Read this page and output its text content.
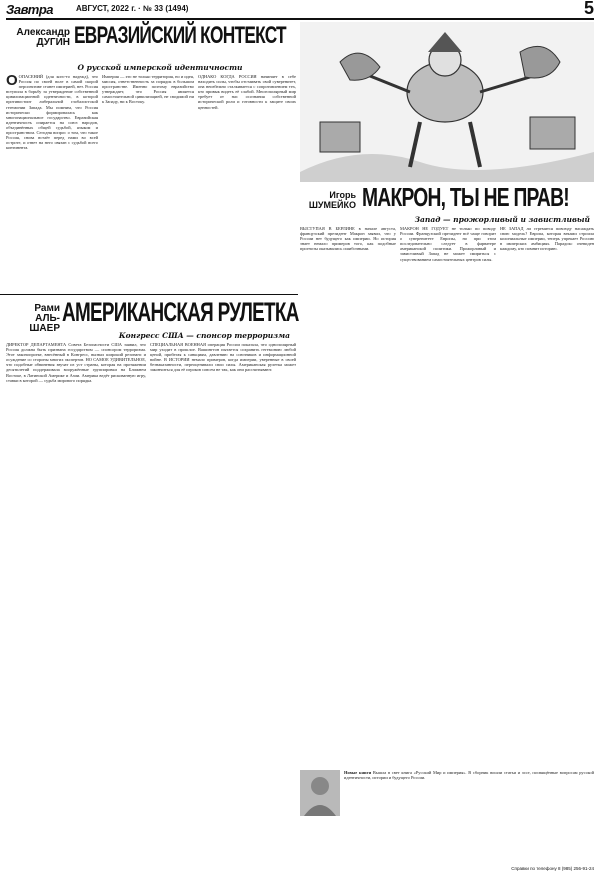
Завтра	АВГУСТ, 2022 г. · № 33 (1494)	5
Александр
ДУГИН ЕВРАЗИЙСКИЙ КОНТЕКСТ
О русской имперской идентичности
ООПАСЕНИЙ (для кого-то надежд), что Россия по своей воле в самой скорой перспективе станет империей, нет. Россия вступила в борьбу за утверждение собственной цивилизационной идентичности, в которой противостоит либеральной глобалистской гегемонии Запада. Мы помним, что Россия исторически формировалась как многонациональное государство. Евразийская идентичность опирается на союз народов, объединённых общей судьбой, языком и пространством. Сегодня вопрос о том, что такое Россия, снова встаёт перед нами во всей остроте, и ответ на него связан с судьбой всего континента.
Империя — это не только территория, но и идея, миссия, ответственность за порядок в большом пространстве. Именно поэтому евразийство утверждает, что Россия является самостоятельной цивилизацией, не сводимой ни к Западу, ни к Востоку.
ОДНАКО КОГДА РОССИЯ начинает в себе находить силы, чтобы отстаивать свой суверенитет, она неизбежно сталкивается с сопротивлением тех, кто привык видеть её слабой. Многополярный мир требует от нас осознания собственной исторической роли и готовности к защите своих ценностей.
Игорь
ШУМЕЙКО МАКРОН, ТЫ НЕ ПРАВ!
Запад — прожорливый и завистливый
ВЫСТУПАЯ В БЕРЛИНЕ в начале августа, французский президент Макрон заявил, что у России нет будущего как империи. Но история знает немало примеров того, как подобные прогнозы оказывались ошибочными.
МАКРОН НЕ ГОДУЕТ не только по поводу России. Французский президент всё чаще говорит о суверенитете Европы, но при этом последовательно следует в фарватере американской политики. Прожорливый и завистливый Запад не может смириться с существованием самостоятельных центров силы.
НЕ ЗАПАД ли стремится повсюду насаждать свою модель? Европа, которая веками строила колониальные империи, теперь упрекает Россию в имперских амбициях. Парадокс очевиден каждому, кто помнит историю.
Рами
АЛЬ-ШАЕР
АМЕРИКАНСКАЯ РУЛЕТКА
Конгресс США — спонсор терроризма
ДИРЕКТОР ДЕПАРТАМЕНТА Совета Безопасности США заявил, что Россия должна быть признана государством — спонсором терроризма. Этот законопроект, внесённый в Конгресс, вызвал широкий резонанс и осуждение со стороны многих экспертов. НО САМОЕ УДИВИТЕЛЬНОЕ, что подобные обвинения звучат из уст страны, которая на протяжении десятилетий поддерживала вооружённые группировки на Ближнем Востоке, в Латинской Америке и Азии. Америка ведёт рискованную игру, ставки в которой — судьба мирового порядка.
СПЕЦИАЛЬНАЯ ВОЕННАЯ операция России показала, что однополярный мир уходит в прошлое. Вашингтон пытается сохранить гегемонию любой ценой, прибегая к санкциям, давлению на союзников и информационной войне. В ИСТОРИИ немало примеров, когда империи, уверенные в своей безнаказанности, переоценивали свои силы. Американская рулетка может закончиться для её игроков совсем не так, как они рассчитывают.
Новые книги Вышла в свет книга «Русский Мир и империя». В сборник вошли статьи и эссе, посвящённые вопросам русской идентичности, истории и будущего России.
Справки по телефону 8 (985) 256-91-24
